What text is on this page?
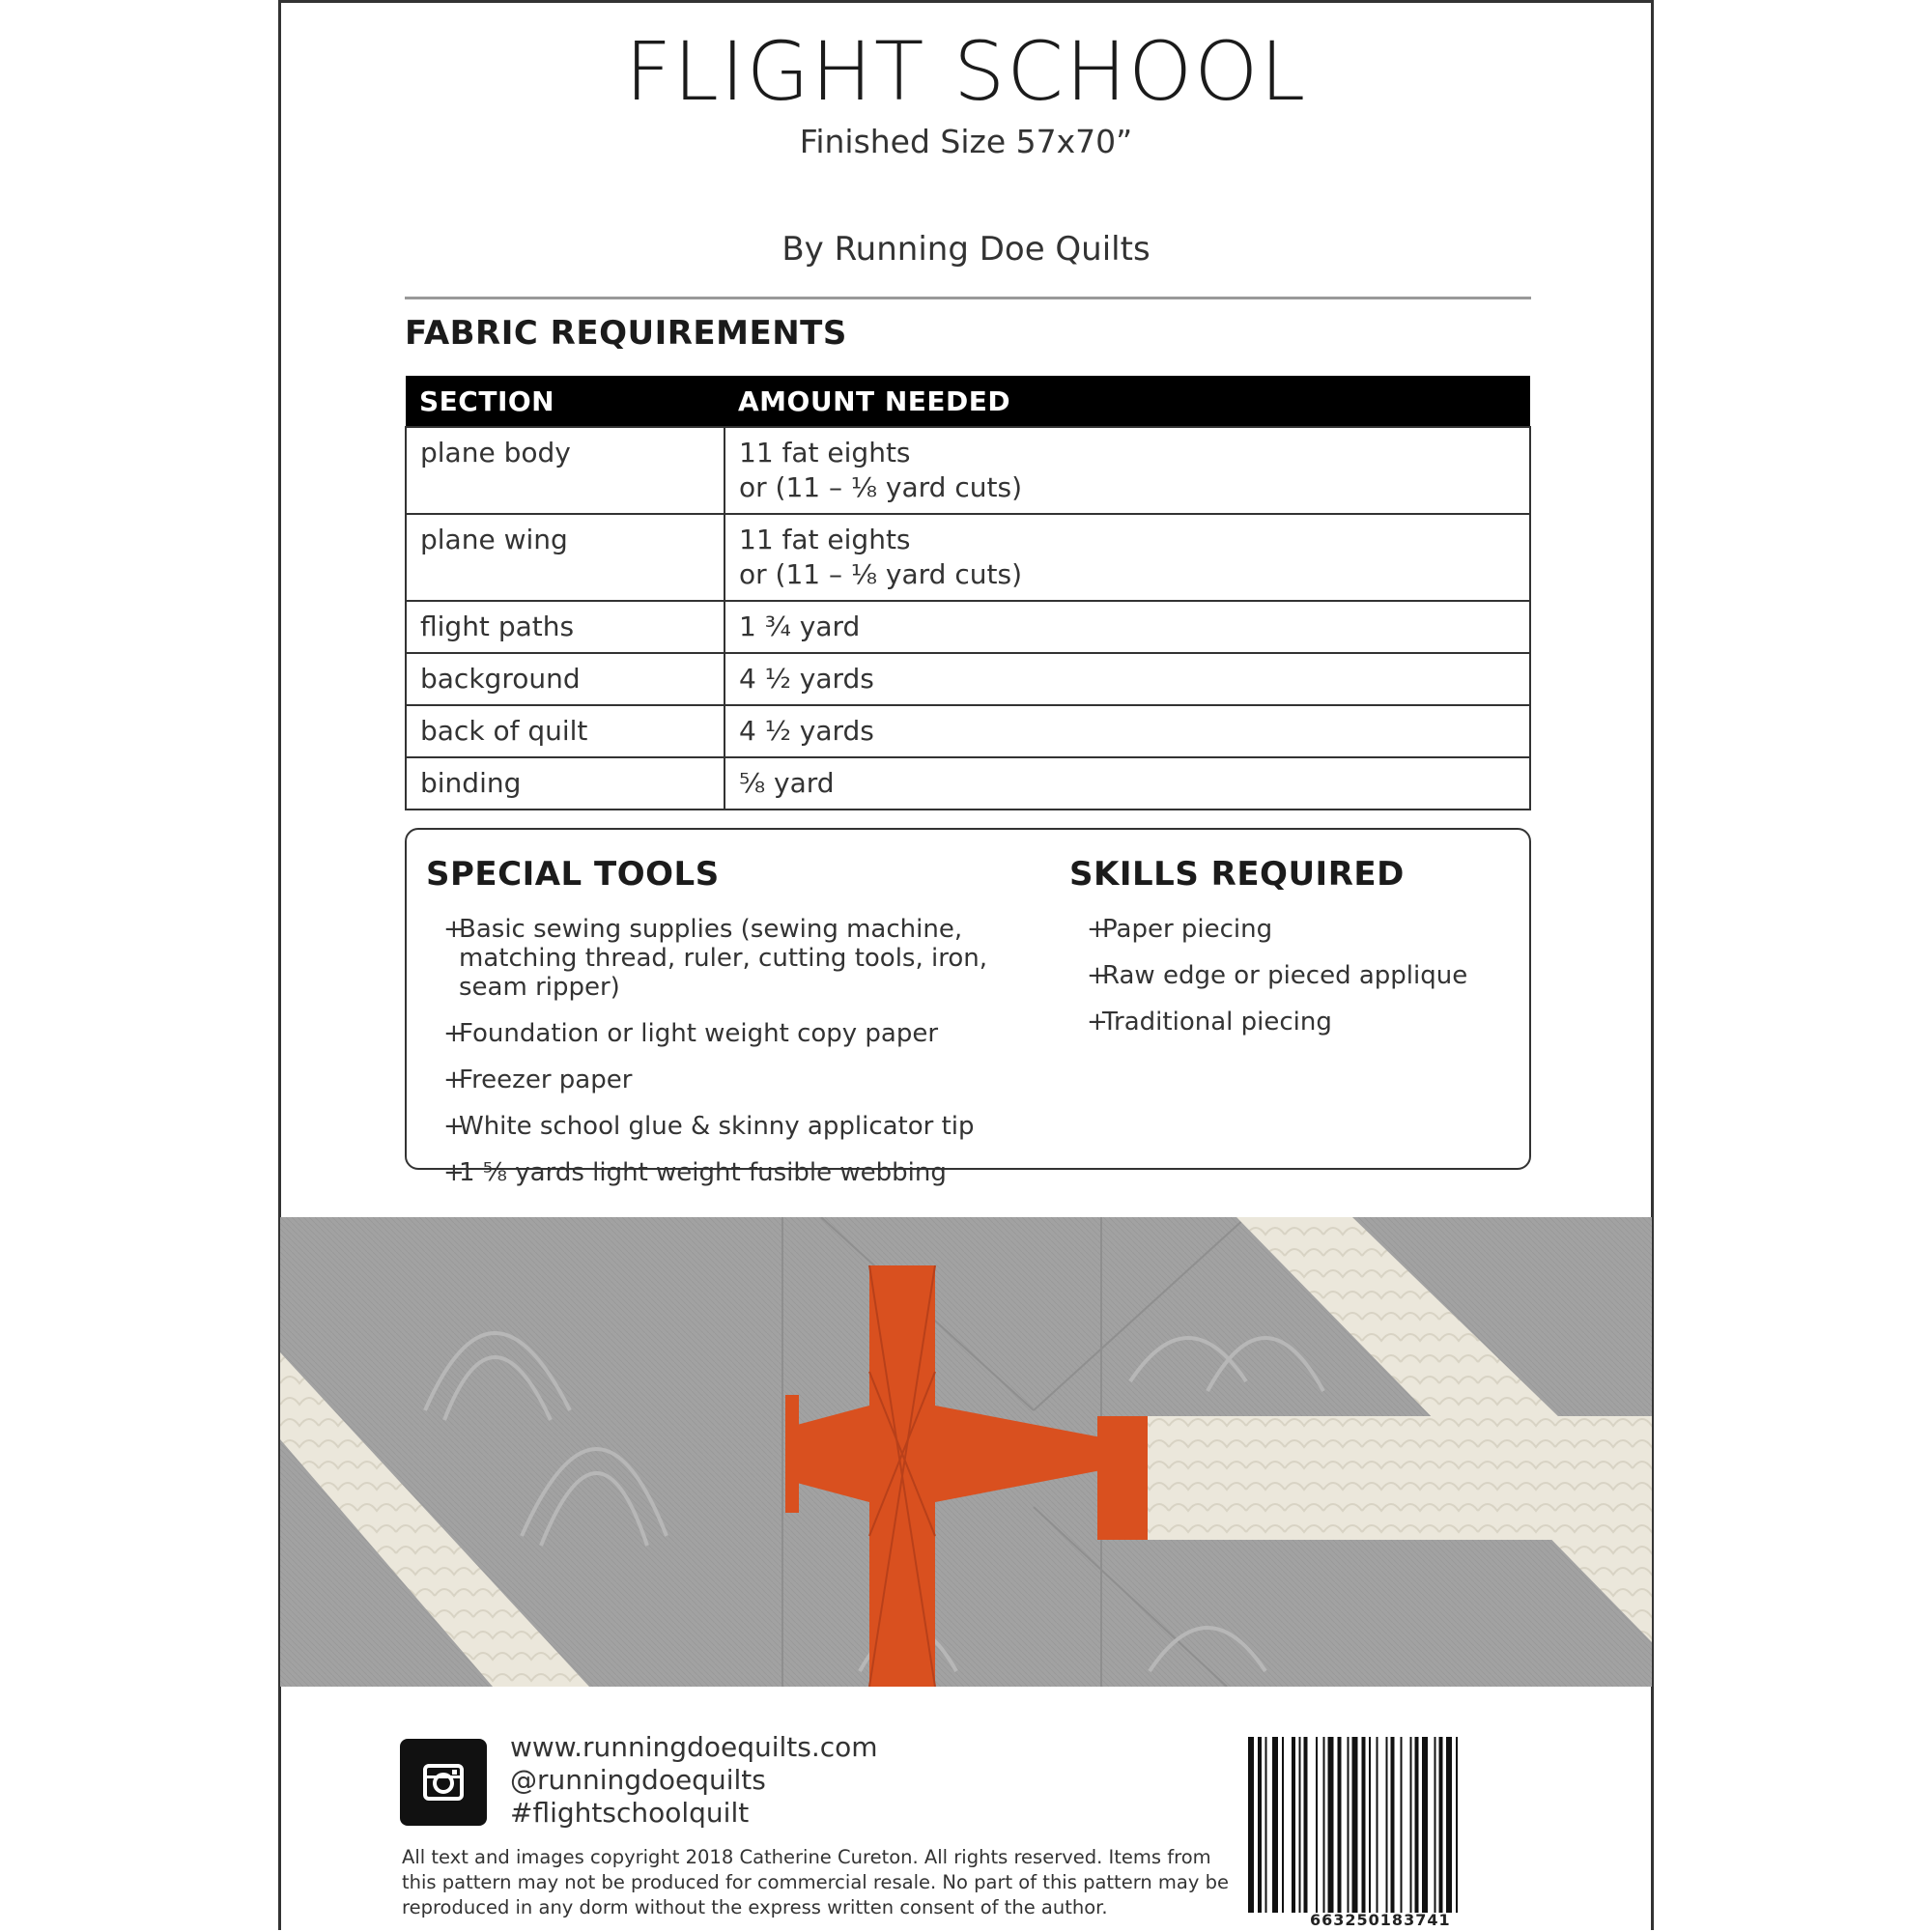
FLIGHT SCHOOL
Finished Size 57x70”
By Running Doe Quilts
FABRIC REQUIREMENTS
SECTION	AMOUNT NEEDED
plane body	11 fat eights
or (11 – ⅛ yard cuts)

plane wing	11 fat eights
or (11 – ⅛ yard cuts)

flight paths	1 ¾ yard
background	4 ½ yards
back of quilt	4 ½ yards
binding	⅝ yard
SPECIAL TOOLS
+
Basic sewing supplies (sewing machine, matching thread, ruler, cutting tools, iron, seam ripper)
+
Foundation or light weight copy paper
+
Freezer paper
+
White school glue & skinny applicator tip
+
1 ⅝ yards light weight fusible webbing
SKILLS REQUIRED
+
Paper piecing
+
Raw edge or pieced applique
+
Traditional piecing
www.runningdoequilts.com
@runningdoequilts
#flightschoolquilt
All text and images copyright 2018 Catherine Cureton. All rights reserved. Items from this pattern may not be produced for commercial resale. No part of this pattern may be reproduced in any dorm without the express written consent of the author.
663250183741
